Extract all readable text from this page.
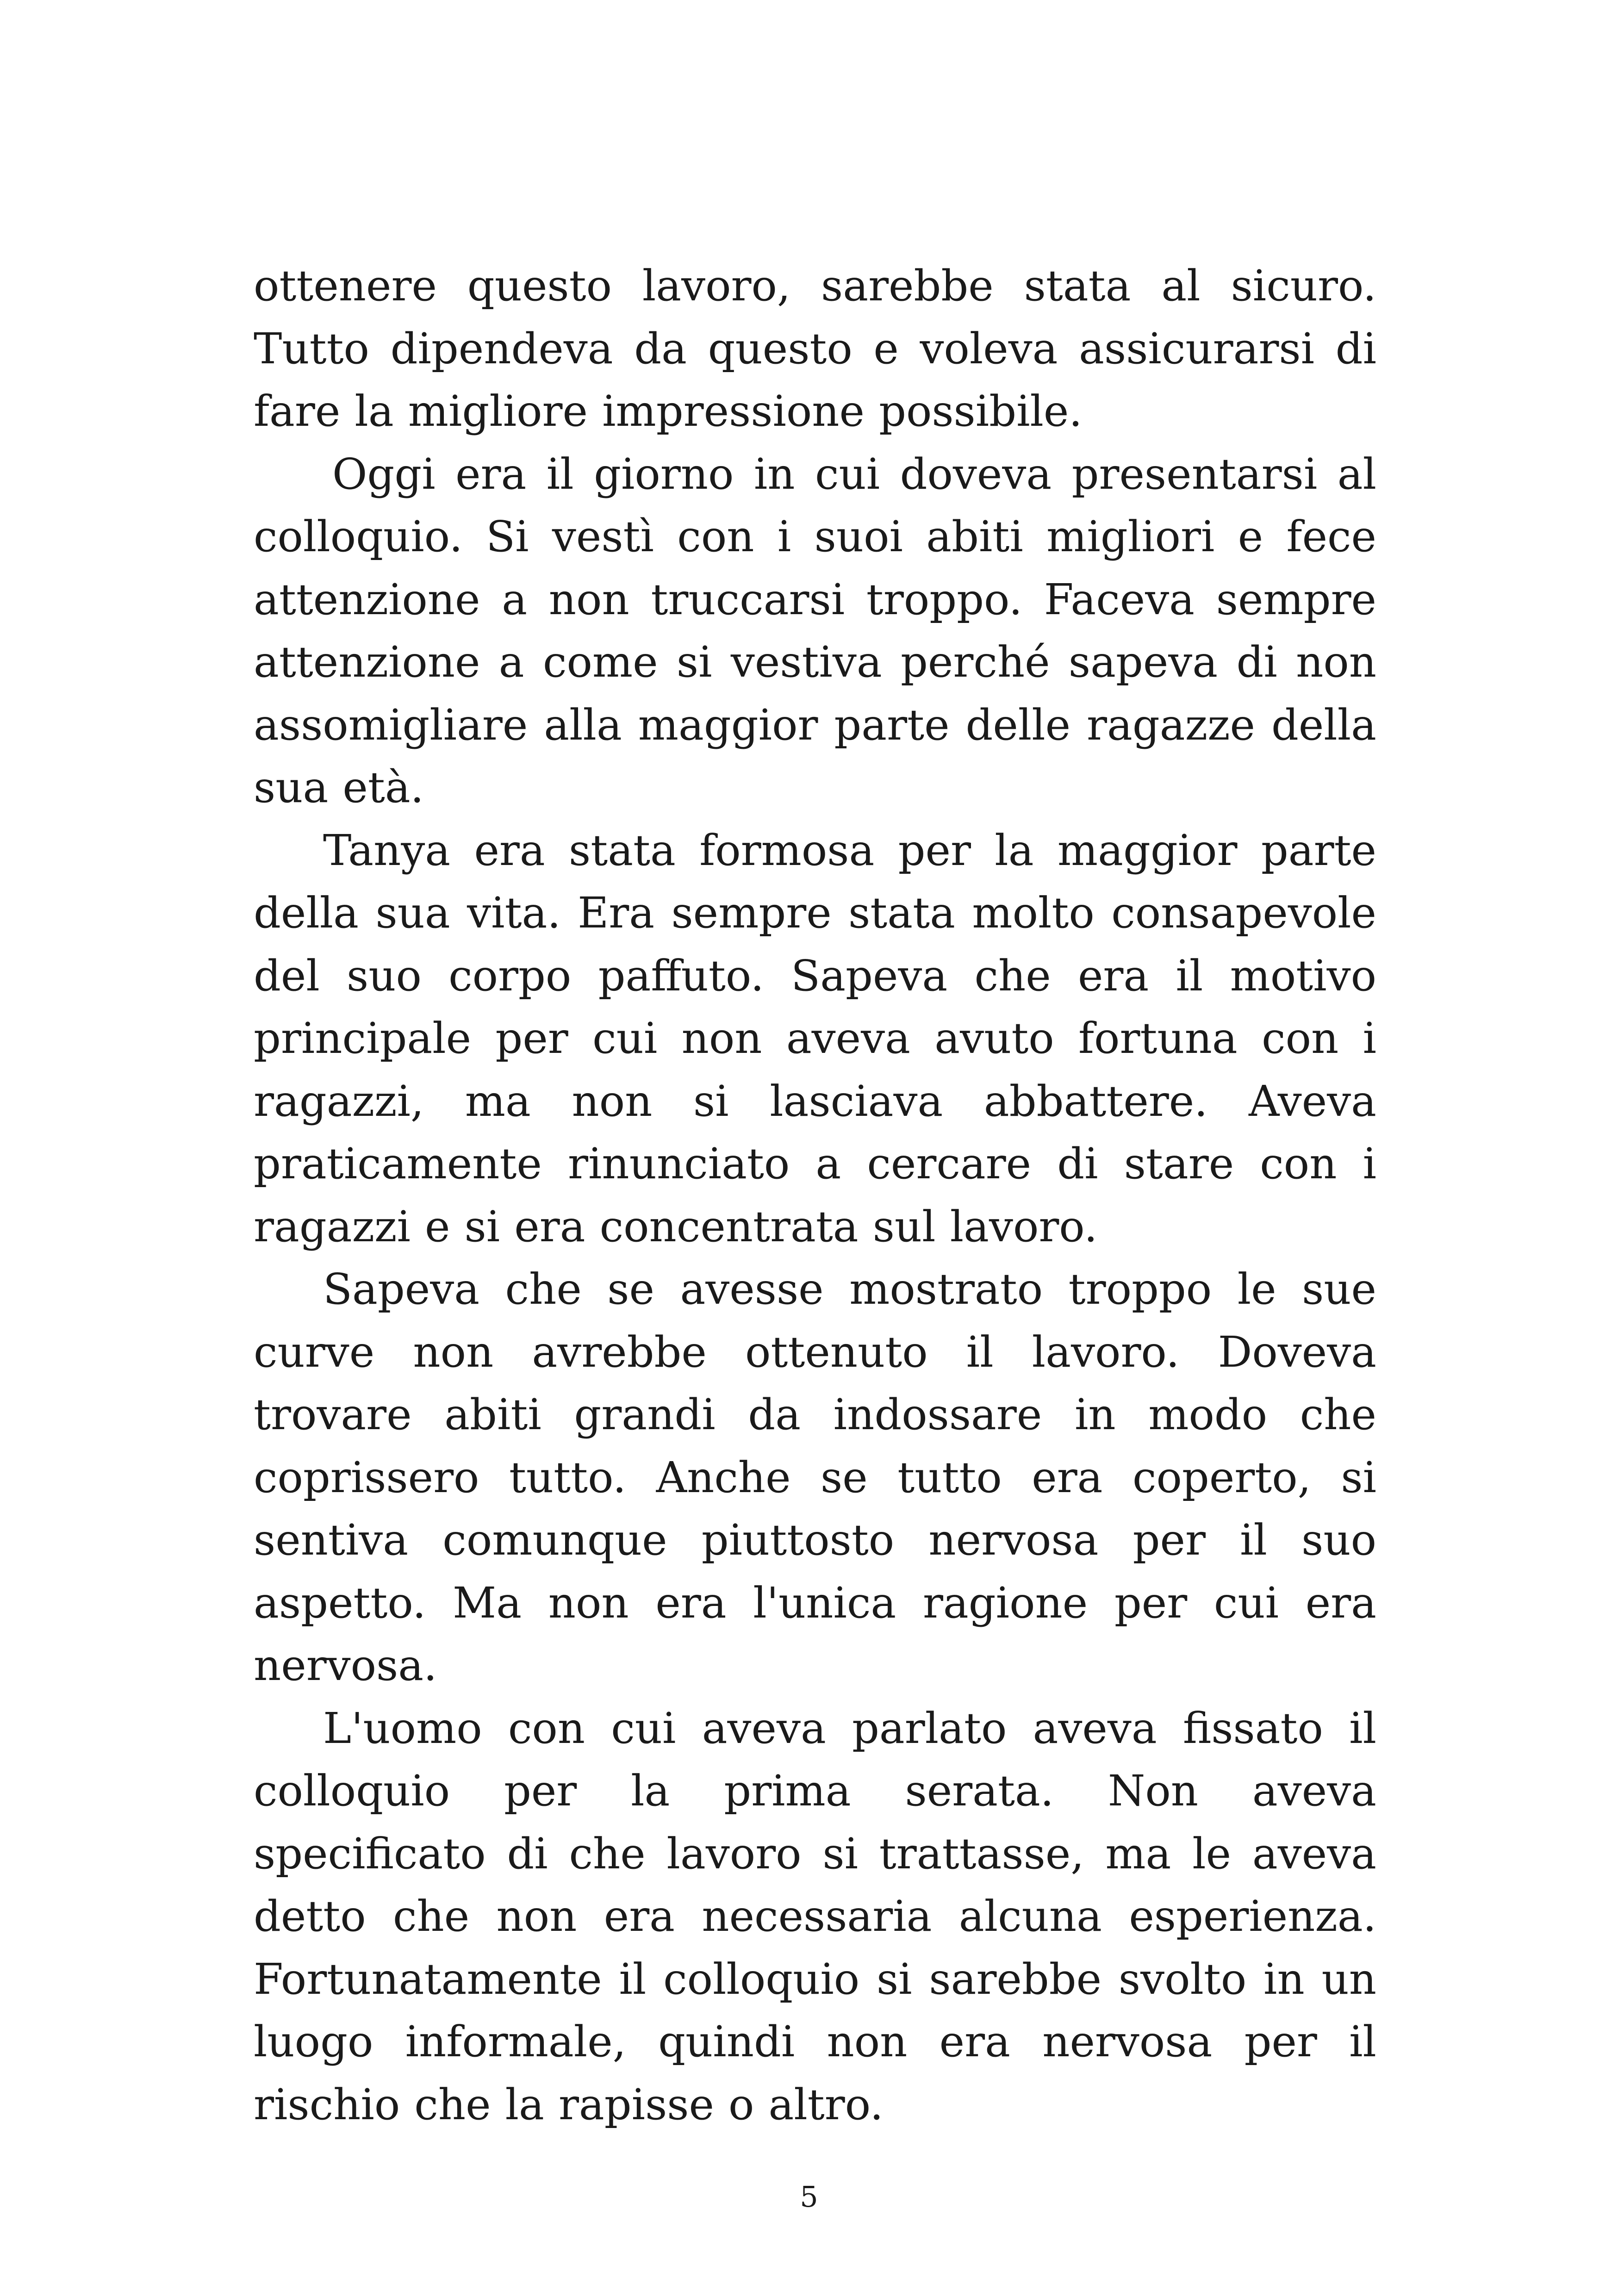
ottenere questo lavoro, sarebbe stata al sicuro. Tutto dipendeva da questo e voleva assicurarsi di fare la migliore impressione possibile.

Oggi era il giorno in cui doveva presentarsi al colloquio. Si vestì con i suoi abiti migliori e fece attenzione a non truccarsi troppo. Faceva sempre attenzione a come si vestiva perché sapeva di non assomigliare alla maggior parte delle ragazze della sua età.

Tanya era stata formosa per la maggior parte della sua vita. Era sempre stata molto consapevole del suo corpo paffuto. Sapeva che era il motivo principale per cui non aveva avuto fortuna con i ragazzi, ma non si lasciava abbattere. Aveva praticamente rinunciato a cercare di stare con i ragazzi e si era concentrata sul lavoro.

Sapeva che se avesse mostrato troppo le sue curve non avrebbe ottenuto il lavoro. Doveva trovare abiti grandi da indossare in modo che coprissero tutto. Anche se tutto era coperto, si sentiva comunque piuttosto nervosa per il suo aspetto. Ma non era l'unica ragione per cui era nervosa.

L'uomo con cui aveva parlato aveva fissato il colloquio per la prima serata. Non aveva specificato di che lavoro si trattasse, ma le aveva detto che non era necessaria alcuna esperienza. Fortunatamente il colloquio si sarebbe svolto in un luogo informale, quindi non era nervosa per il rischio che la rapisse o altro.

5
